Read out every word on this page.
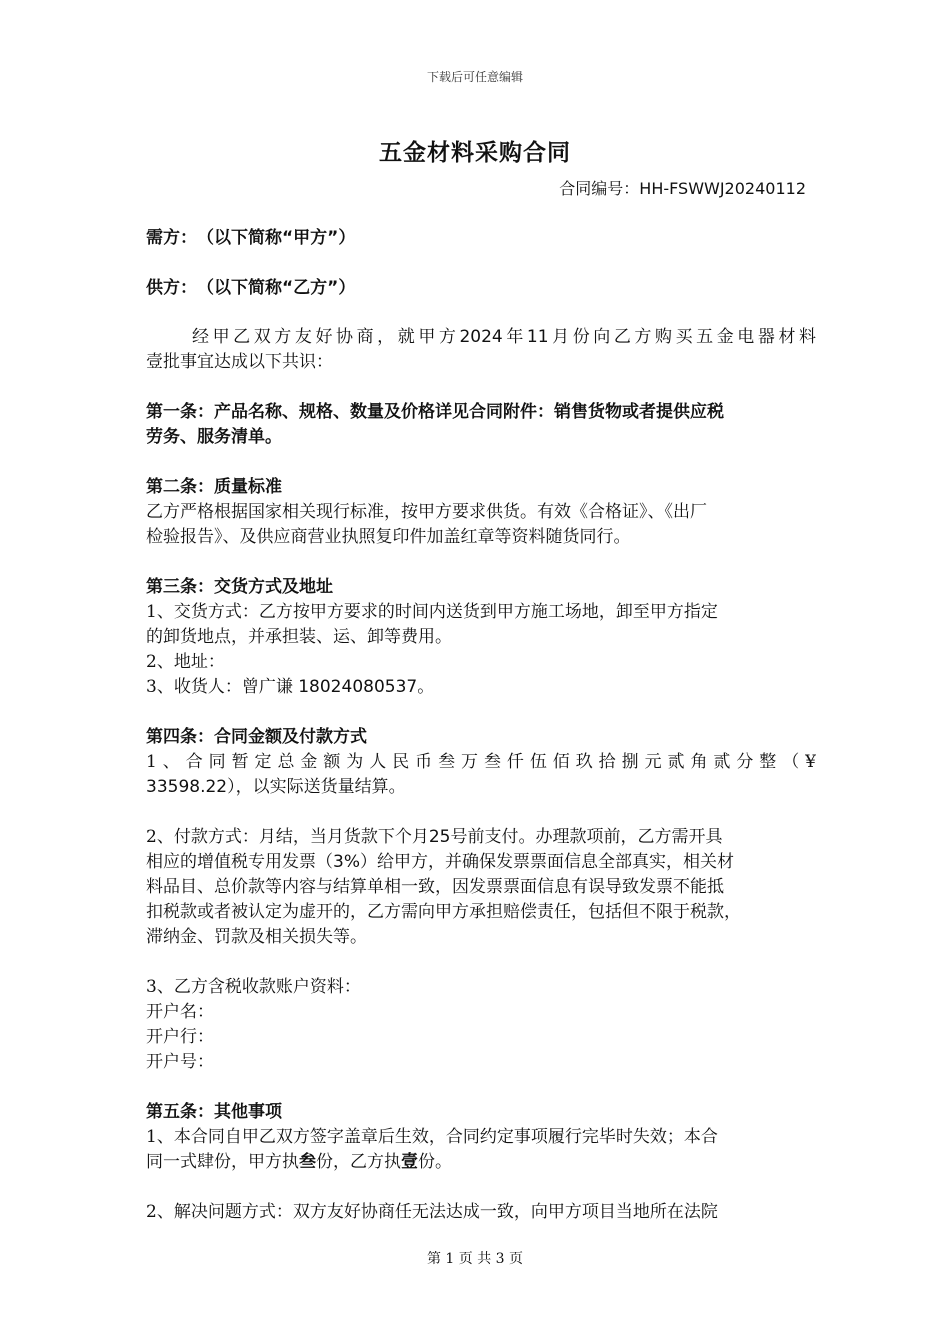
下载后可任意编辑
五金材料采购合同
合同编号：HH-FSWWJ20240112
需方：　（以下简称“甲方”）
供方：　（以下简称“乙方”）
经甲乙双方友好协商，就甲方2024年11月份向乙方购买五金电器材料
壹批事宜达成以下共识：
第一条：产品名称、规格、数量及价格详见合同附件：销售货物或者提供应税
劳务、服务清单。
第二条：质量标准
乙方严格根据国家相关现行标准，按甲方要求供货。有效《合格证》、《出厂
检验报告》、及供应商营业执照复印件加盖红章等资料随货同行。
第三条：交货方式及地址
1、交货方式：乙方按甲方要求的时间内送货到甲方施工场地，卸至甲方指定
的卸货地点，并承担装、运、卸等费用。
2、地址：
3、收货人：曾广谦 18024080537。
第四条：合同金额及付款方式
1、合同暂定总金额为人民币叁万叁仟伍佰玖拾捌元贰角贰分整（¥
33598.22），以实际送货量结算。
2、付款方式：月结，当月货款下个月25号前支付。办理款项前，乙方需开具
相应的增值税专用发票（3%）给甲方，并确保发票票面信息全部真实，相关材
料品目、总价款等内容与结算单相一致，因发票票面信息有误导致发票不能抵
扣税款或者被认定为虚开的，乙方需向甲方承担赔偿责任，包括但不限于税款，
滞纳金、罚款及相关损失等。
3、乙方含税收款账户资料：
开户名：
开户行：
开户号：
第五条：其他事项
1、本合同自甲乙双方签字盖章后生效，合同约定事项履行完毕时失效；本合
同一式肆份，甲方执叁份，乙方执壹份。
2、解决问题方式：双方友好协商任无法达成一致，向甲方项目当地所在法院
第 1 页 共 3 页
